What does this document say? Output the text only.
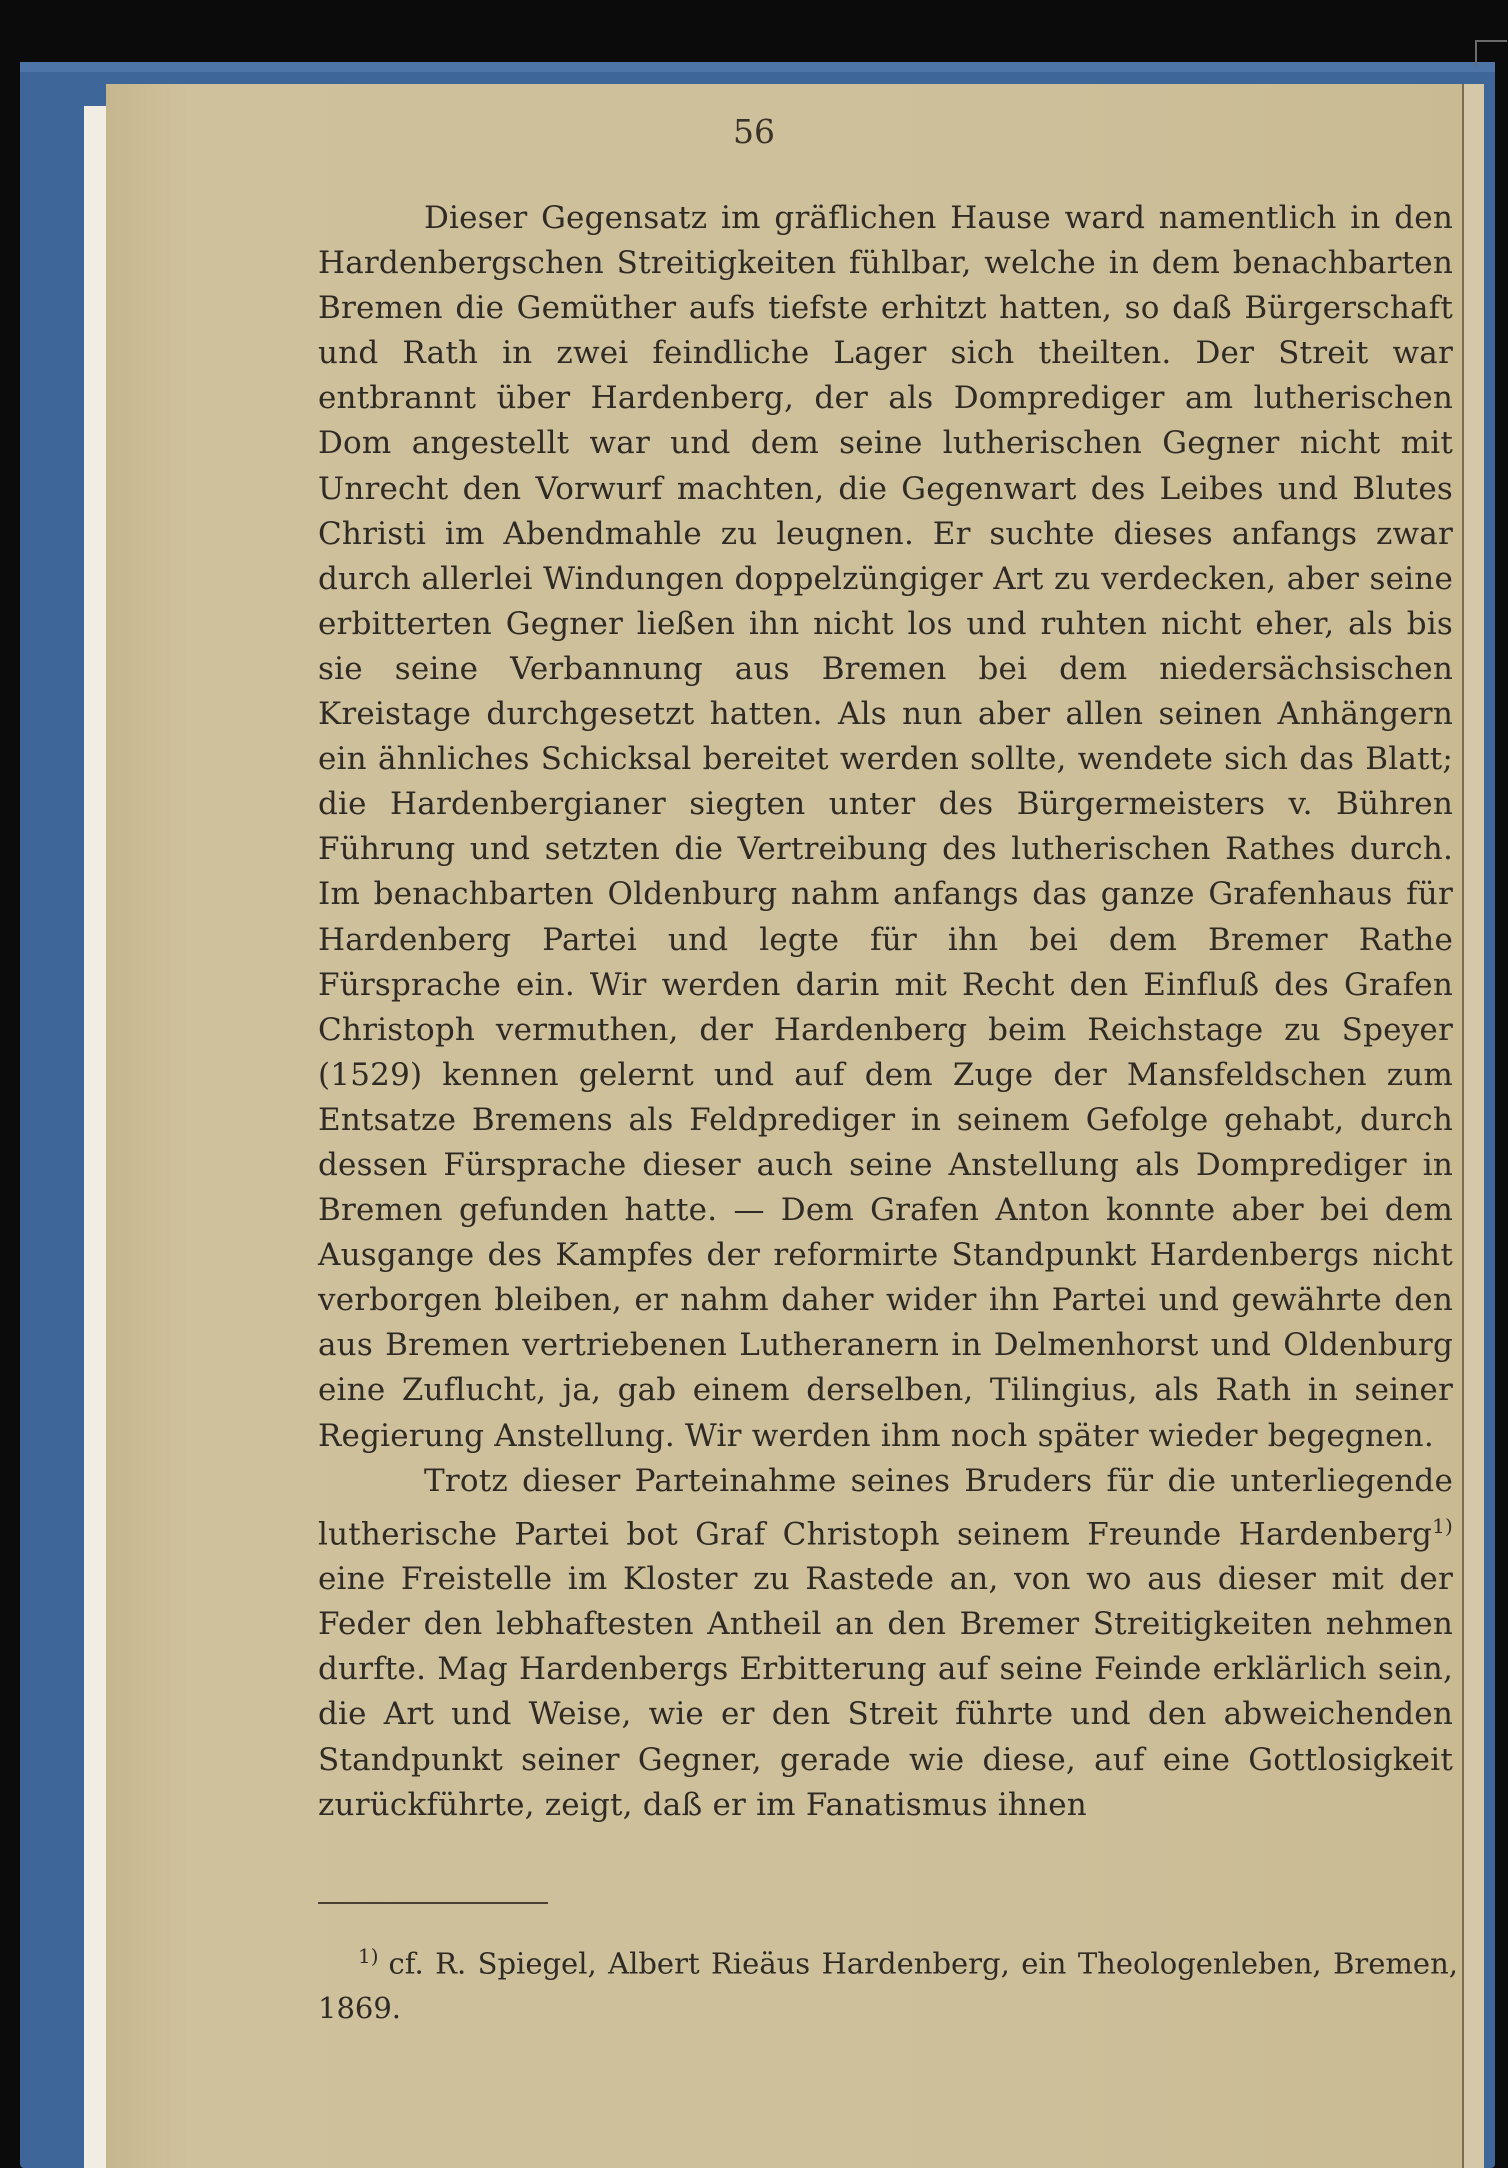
56

Dieser Gegensatz im gräflichen Hause ward namentlich in den Hardenbergschen Streitigkeiten fühlbar, welche in dem benachbarten Bremen die Gemüther aufs tiefste erhitzt hatten, so daß Bürgerschaft und Rath in zwei feindliche Lager sich theilten. Der Streit war entbrannt über Hardenberg, der als Domprediger am lutherischen Dom angestellt war und dem seine lutherischen Gegner nicht mit Unrecht den Vorwurf machten, die Gegenwart des Leibes und Blutes Christi im Abendmahle zu leugnen. Er suchte dieses anfangs zwar durch allerlei Windungen doppelzüngiger Art zu verdecken, aber seine erbitterten Gegner ließen ihn nicht los und ruhten nicht eher, als bis sie seine Verbannung aus Bremen bei dem niedersächsischen Kreistage durchgesetzt hatten. Als nun aber allen seinen Anhängern ein ähnliches Schicksal bereitet werden sollte, wendete sich das Blatt; die Hardenbergianer siegten unter des Bürgermeisters v. Bühren Führung und setzten die Vertreibung des lutherischen Rathes durch. Im benachbarten Oldenburg nahm anfangs das ganze Grafenhaus für Hardenberg Partei und legte für ihn bei dem Bremer Rathe Fürsprache ein. Wir werden darin mit Recht den Einfluß des Grafen Christoph vermuthen, der Hardenberg beim Reichstage zu Speyer (1529) kennen gelernt und auf dem Zuge der Mansfeldschen zum Entsatze Bremens als Feldprediger in seinem Gefolge gehabt, durch dessen Fürsprache dieser auch seine Anstellung als Domprediger in Bremen gefunden hatte. — Dem Grafen Anton konnte aber bei dem Ausgange des Kampfes der reformirte Standpunkt Hardenbergs nicht verborgen bleiben, er nahm daher wider ihn Partei und gewährte den aus Bremen vertriebenen Lutheranern in Delmenhorst und Oldenburg eine Zuflucht, ja, gab einem derselben, Tilingius, als Rath in seiner Regierung Anstellung. Wir werden ihm noch später wieder begegnen.

Trotz dieser Parteinahme seines Bruders für die unterliegende lutherische Partei bot Graf Christoph seinem Freunde Hardenberg$^{1)}$ eine Freistelle im Kloster zu Rastede an, von wo aus dieser mit der Feder den lebhaftesten Antheil an den Bremer Streitigkeiten nehmen durfte. Mag Hardenbergs Erbitterung auf seine Feinde erklärlich sein, die Art und Weise, wie er den Streit führte und den abweichenden Standpunkt seiner Gegner, gerade wie diese, auf eine Gottlosigkeit zurückführte, zeigt, daß er im Fanatismus ihnen

$^{1)}$ cf. R. Spiegel, Albert Rieäus Hardenberg, ein Theologenleben, Bremen, 1869.
